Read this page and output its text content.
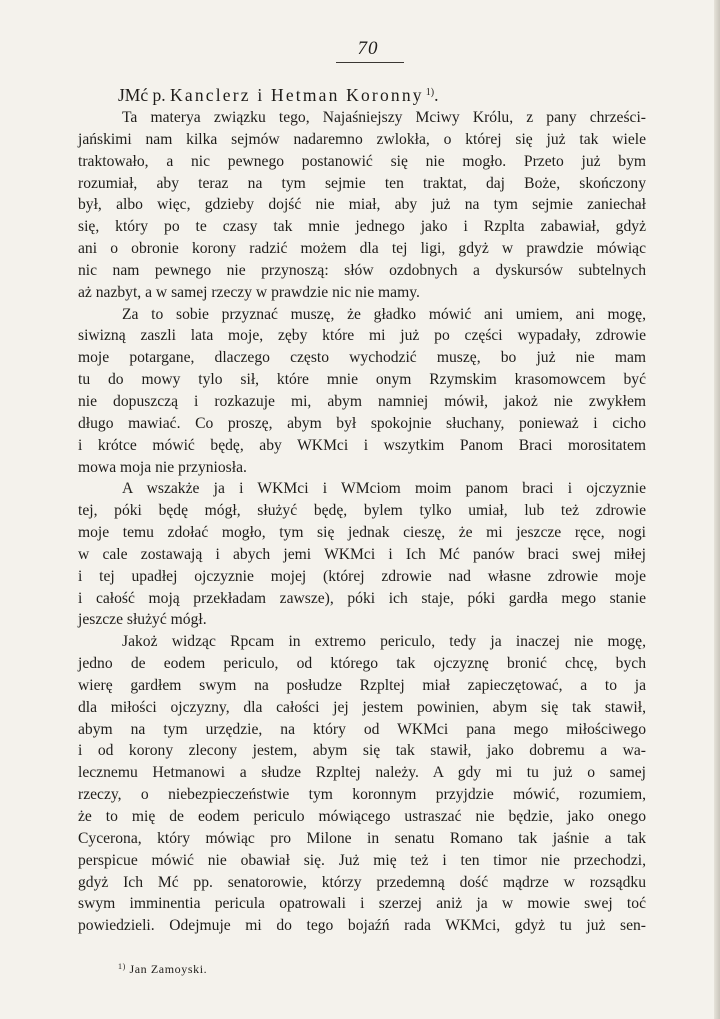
70
JMć p. Kanclerz i Hetman Koronny $^{1)}$.
Ta materya związku tego, Najaśniejszy Mciwy Królu, z pany chrześci-
jańskimi nam kilka sejmów nadaremno zwlokła, o której się już tak wiele
traktowało, a nic pewnego postanowić się nie mogło. Przeto już bym
rozumiał, aby teraz na tym sejmie ten traktat, daj Boże, skończony
był, albo więc, gdzieby dojść nie miał, aby już na tym sejmie zaniechał
się, który po te czasy tak mnie jednego jako i Rzplta zabawiał, gdyż
ani o obronie korony radzić możem dla tej ligi, gdyż w prawdzie mówiąc
nic nam pewnego nie przynoszą: słów ozdobnych a dyskursów subtelnych
aż nazbyt, a w samej rzeczy w prawdzie nic nie mamy.
Za to sobie przyznać muszę, że gładko mówić ani umiem, ani mogę,
siwizną zaszli lata moje, zęby które mi już po części wypadały, zdrowie
moje potargane, dlaczego często wychodzić muszę, bo już nie mam
tu do mowy tylo sił, które mnie onym Rzymskim krasomowcem być
nie dopuszczą i rozkazuje mi, abym namniej mówił, jakoż nie zwykłem
długo mawiać. Co proszę, abym był spokojnie słuchany, ponieważ i cicho
i krótce mówić będę, aby WKMci i wszytkim Panom Braci morositatem
mowa moja nie przyniosła.
A wszakże ja i WKMci i WMciom moim panom braci i ojczyznie
tej, póki będę mógł, służyć będę, bylem tylko umiał, lub też zdrowie
moje temu zdołać mogło, tym się jednak cieszę, że mi jeszcze ręce, nogi
w cale zostawają i abych jemi WKMci i Ich Mć panów braci swej miłej
i tej upadłej ojczyznie mojej (której zdrowie nad własne zdrowie moje
i całość moją przekładam zawsze), póki ich staje, póki gardła mego stanie
jeszcze służyć mógł.
Jakoż widząc Rpcam in extremo periculo, tedy ja inaczej nie mogę,
jedno de eodem periculo, od którego tak ojczyznę bronić chcę, bych
wierę gardłem swym na posłudze Rzpltej miał zapieczętować, a to ja
dla miłości ojczyzny, dla całości jej jestem powinien, abym się tak stawił,
abym na tym urzędzie, na który od WKMci pana mego miłościwego
i od korony zlecony jestem, abym się tak stawił, jako dobremu a wa-
lecznemu Hetmanowi a słudze Rzpltej należy. A gdy mi tu już o samej
rzeczy, o niebezpieczeństwie tym koronnym przyjdzie mówić, rozumiem,
że to mię de eodem periculo mówiącego ustraszać nie będzie, jako onego
Cycerona, który mówiąc pro Milone in senatu Romano tak jaśnie a tak
perspicue mówić nie obawiał się. Już mię też i ten timor nie przechodzi,
gdyż Ich Mć pp. senatorowie, którzy przedemną dość mądrze w rozsądku
swym imminentia pericula opatrowali i szerzej aniż ja w mowie swej toć
powiedzieli. Odejmuje mi do tego bojaźń rada WKMci, gdyż tu już sen-
$^{1)}$ Jan Zamoyski.
